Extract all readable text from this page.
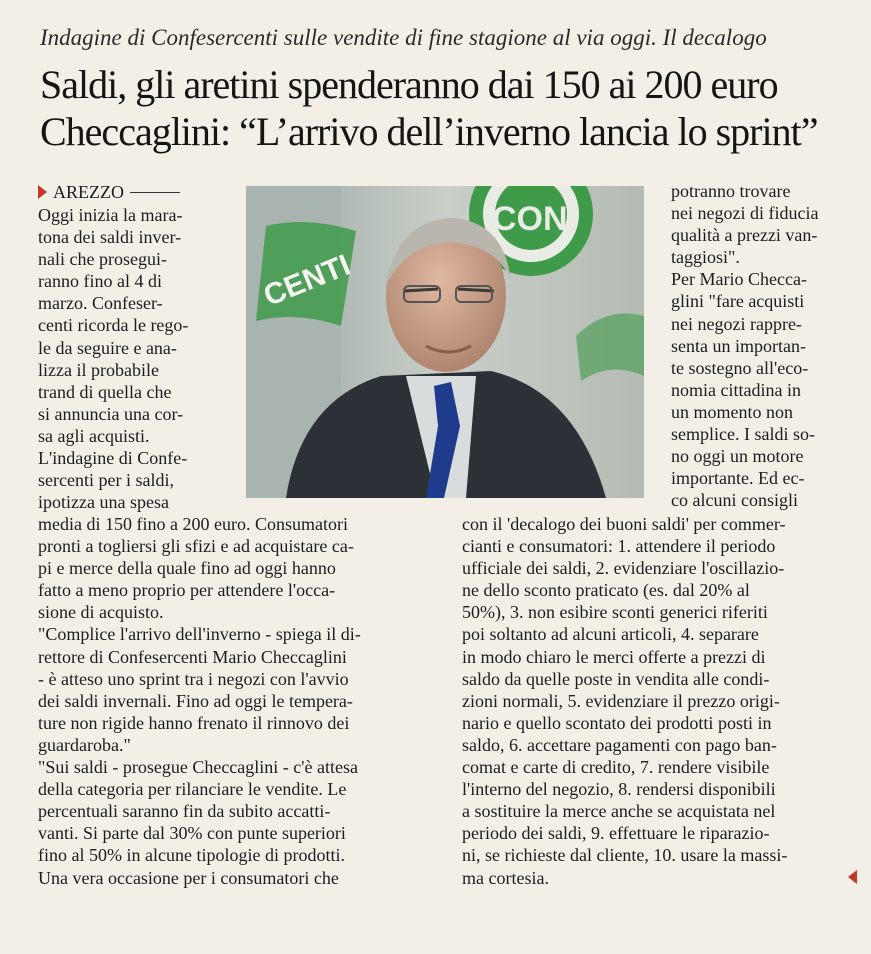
Indagine di Confesercenti sulle vendite di fine stagione al via oggi. Il decalogo
Saldi, gli aretini spenderanno dai 150 ai 200 euro
Checcaglini: “L’arrivo dell’inverno lancia lo sprint”
AREZZO
CENTI
CON
Oggi inizia la mara-
tona dei saldi inver-
nali che prosegui-
ranno fino al 4 di
marzo. Confeser-
centi ricorda le rego-
le da seguire e ana-
lizza il probabile
trand di quella che
si annuncia una cor-
sa agli acquisti.
L'indagine di Confe-
sercenti per i saldi,
ipotizza una spesa
media di 150 fino a 200 euro. Consumatori
pronti a togliersi gli sfizi e ad acquistare ca-
pi e merce della quale fino ad oggi hanno
fatto a meno proprio per attendere l'occa-
sione di acquisto.
"Complice l'arrivo dell'inverno - spiega il di-
rettore di Confesercenti Mario Checcaglini
- è atteso uno sprint tra i negozi con l'avvio
dei saldi invernali. Fino ad oggi le tempera-
ture non rigide hanno frenato il rinnovo dei
guardaroba."
"Sui saldi - prosegue Checcaglini - c'è attesa
della categoria per rilanciare le vendite. Le
percentuali saranno fin da subito accatti-
vanti. Si parte dal 30% con punte superiori
fino al 50% in alcune tipologie di prodotti.
Una vera occasione per i consumatori che
potranno trovare
nei negozi di fiducia
qualità a prezzi van-
taggiosi".
Per Mario Checca-
glini "fare acquisti
nei negozi rappre-
senta un importan-
te sostegno all'eco-
nomia cittadina in
un momento non
semplice. I saldi so-
no oggi un motore
importante. Ed ec-
co alcuni consigli
con il 'decalogo dei buoni saldi' per commer-
cianti e consumatori: 1. attendere il periodo
ufficiale dei saldi, 2. evidenziare l'oscillazio-
ne dello sconto praticato (es. dal 20% al
50%), 3. non esibire sconti generici riferiti
poi soltanto ad alcuni articoli, 4. separare
in modo chiaro le merci offerte a prezzi di
saldo da quelle poste in vendita alle condi-
zioni normali, 5. evidenziare il prezzo origi-
nario e quello scontato dei prodotti posti in
saldo, 6. accettare pagamenti con pago ban-
comat e carte di credito, 7. rendere visibile
l'interno del negozio, 8. rendersi disponibili
a sostituire la merce anche se acquistata nel
periodo dei saldi, 9. effettuare le riparazio-
ni, se richieste dal cliente, 10. usare la massi-
ma cortesia.
